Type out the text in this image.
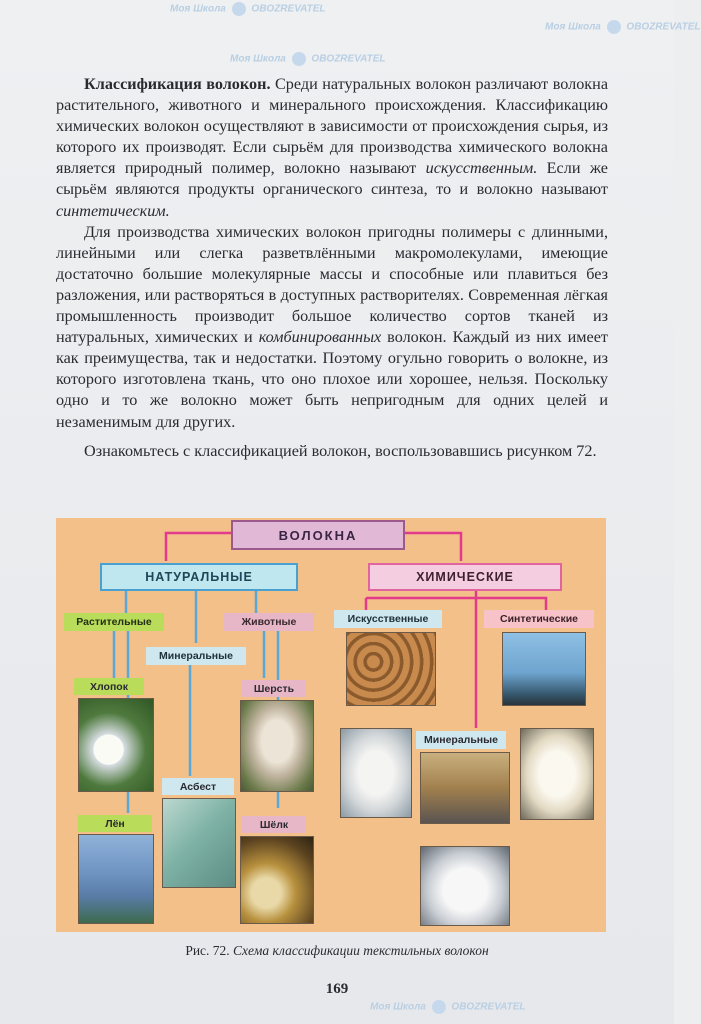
Моя Школа	OBOZREVATEL
Моя Школа	OBOZREVATEL
Моя Школа	OBOZREVATEL
Моя Школа	OBOZREVATEL

Классификация волокон. Среди натуральных волокон различают волокна растительного, животного и минерального происхождения. Классификацию химических волокон осуществляют в зависимости от происхождения сырья, из которого их производят. Если сырьём для производства химического волокна является природный полимер, волокно называют искусственным. Если же сырьём являются продукты органического синтеза, то и волокно называют синтетическим.

Для производства химических волокон пригодны полимеры с длинными, линейными или слегка разветвлёнными макромолекулами, имеющие достаточно большие молекулярные массы и способные или плавиться без разложения, или растворяться в доступных растворителях. Современная лёгкая промышленность производит большое количество сортов тканей из натуральных, химических и комбинированных волокон. Каждый из них имеет как преимущества, так и недостатки. Поэтому огульно говорить о волокне, из которого изготовлена ткань, что оно плохое или хорошее, нельзя. Поскольку одно и то же волокно может быть непригодным для одних целей и незаменимым для других.

Ознакомьтесь с классификацией волокон, воспользовавшись рисунком 72.

ВОЛОКНА
НАТУРАЛЬНЫЕ	ХИМИЧЕСКИЕ
Растительные	Животные
Минеральные
Искусственные	Синтетические
Хлопок
Лён
Асбест
Шерсть
Шёлк
Минеральные
Рис. 72. Схема классификации текстильных волокон
169
